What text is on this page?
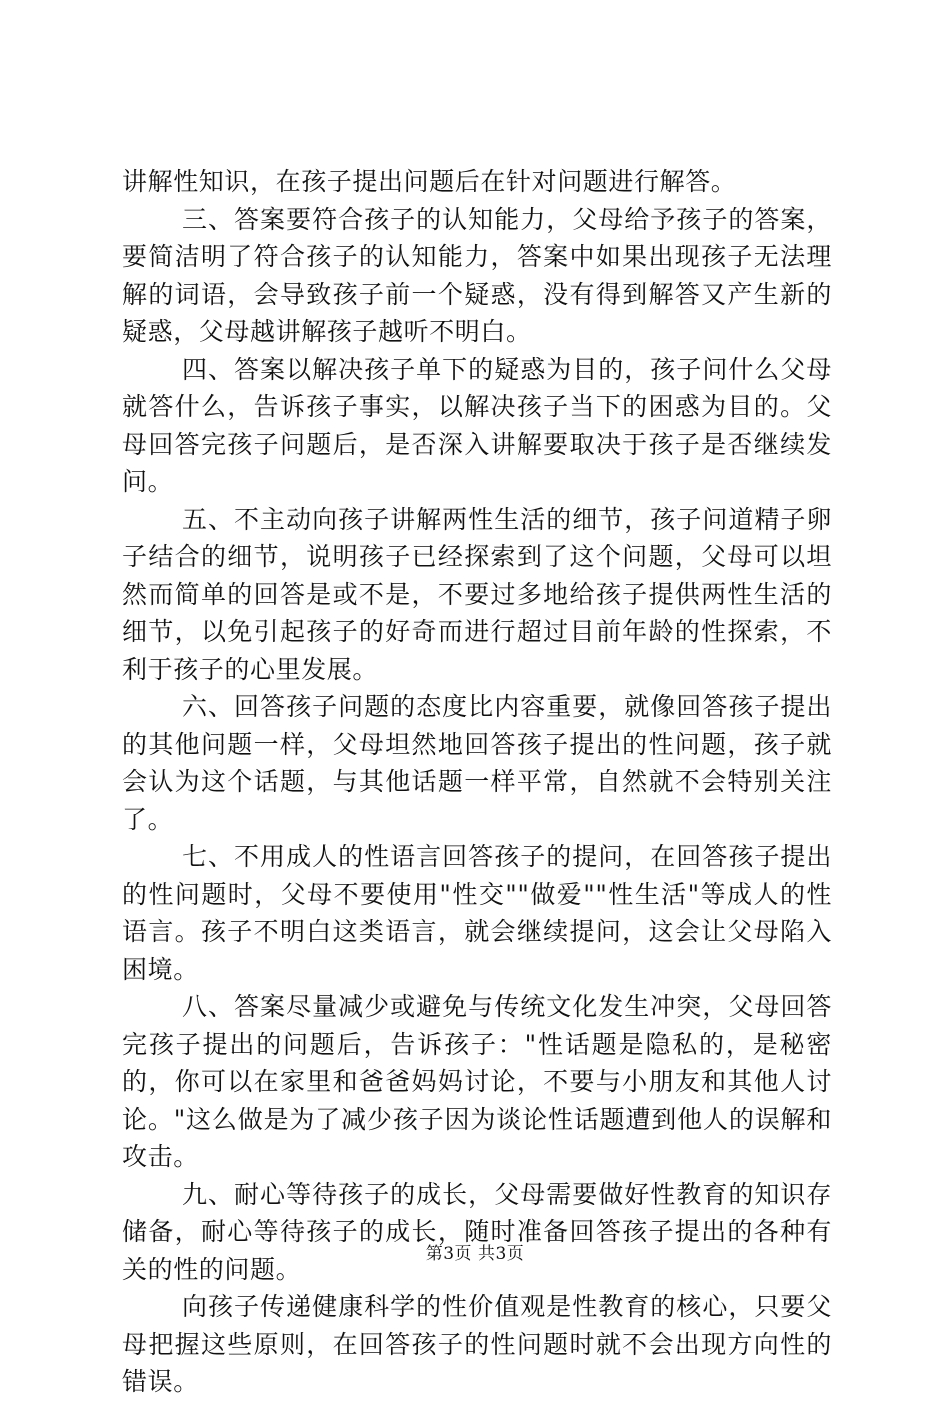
讲解性知识，在孩子提出问题后在针对问题进行解答。

三、答案要符合孩子的认知能力，父母给予孩子的答案，要简洁明了符合孩子的认知能力，答案中如果出现孩子无法理解的词语，会导致孩子前一个疑惑，没有得到解答又产生新的疑惑，父母越讲解孩子越听不明白。

四、答案以解决孩子单下的疑惑为目的，孩子问什么父母就答什么，告诉孩子事实，以解决孩子当下的困惑为目的。父母回答完孩子问题后，是否深入讲解要取决于孩子是否继续发问。

五、不主动向孩子讲解两性生活的细节，孩子问道精子卵子结合的细节，说明孩子已经探索到了这个问题，父母可以坦然而简单的回答是或不是，不要过多地给孩子提供两性生活的细节，以免引起孩子的好奇而进行超过目前年龄的性探索，不利于孩子的心里发展。

六、回答孩子问题的态度比内容重要，就像回答孩子提出的其他问题一样，父母坦然地回答孩子提出的性问题，孩子就会认为这个话题，与其他话题一样平常，自然就不会特别关注了。

七、不用成人的性语言回答孩子的提问，在回答孩子提出的性问题时，父母不要使用"性交""做爱""性生活"等成人的性语言。孩子不明白这类语言，就会继续提问，这会让父母陷入困境。

八、答案尽量减少或避免与传统文化发生冲突，父母回答完孩子提出的问题后，告诉孩子："性话题是隐私的，是秘密的，你可以在家里和爸爸妈妈讨论，不要与小朋友和其他人讨论。"这么做是为了减少孩子因为谈论性话题遭到他人的误解和攻击。

九、耐心等待孩子的成长，父母需要做好性教育的知识存储备，耐心等待孩子的成长，随时准备回答孩子提出的各种有关的性的问题。

向孩子传递健康科学的性价值观是性教育的核心，只要父母把握这些原则，在回答孩子的性问题时就不会出现方向性的错误。

第3页 共3页
